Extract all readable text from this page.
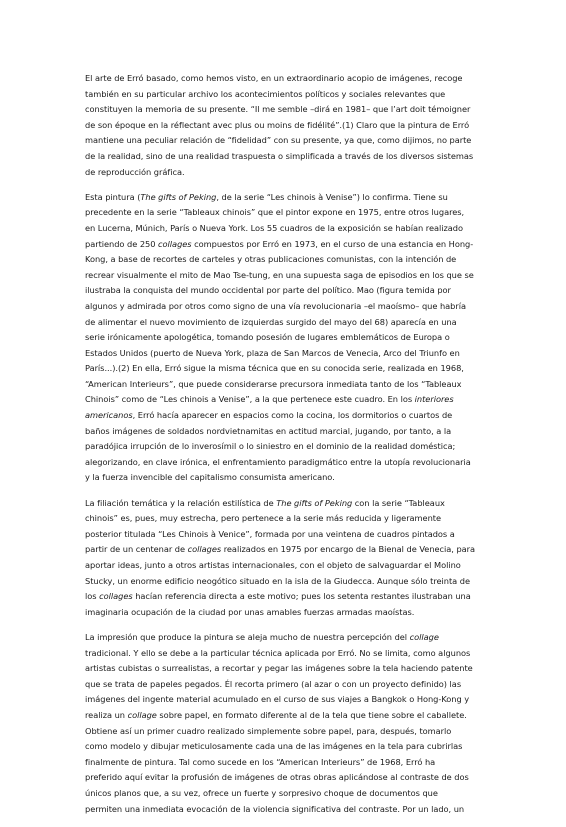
El arte de Erró basado, como hemos visto, en un extraordinario acopio de imágenes, recoge
también en su particular archivo los acontecimientos políticos y sociales relevantes que
constituyen la memoria de su presente. “Il me semble –dirá en 1981– que l’art doit témoigner
de son époque en la réflectant avec plus ou moins de fidélité”.(1) Claro que la pintura de Erró
mantiene una peculiar relación de “fidelidad” con su presente, ya que, como dijimos, no parte
de la realidad, sino de una realidad traspuesta o simplificada a través de los diversos sistemas
de reproducción gráfica.
Esta pintura (The gifts of Peking, de la serie “Les chinois à Venise”) lo confirma. Tiene su
precedente en la serie “Tableaux chinois” que el pintor expone en 1975, entre otros lugares,
en Lucerna, Múnich, París o Nueva York. Los 55 cuadros de la exposición se habían realizado
partiendo de 250 collages compuestos por Erró en 1973, en el curso de una estancia en Hong-
Kong, a base de recortes de carteles y otras publicaciones comunistas, con la intención de
recrear visualmente el mito de Mao Tse-tung, en una supuesta saga de episodios en los que se
ilustraba la conquista del mundo occidental por parte del político. Mao (figura temida por
algunos y admirada por otros como signo de una vía revolucionaria –el maoísmo– que habría
de alimentar el nuevo movimiento de izquierdas surgido del mayo del 68) aparecía en una
serie irónicamente apologética, tomando posesión de lugares emblemáticos de Europa o
Estados Unidos (puerto de Nueva York, plaza de San Marcos de Venecia, Arco del Triunfo en
París...).(2) En ella, Erró sigue la misma técnica que en su conocida serie, realizada en 1968,
“American Interieurs”, que puede considerarse precursora inmediata tanto de los “Tableaux
Chinois” como de “Les chinois a Venise”, a la que pertenece este cuadro. En los interiores
americanos, Erró hacía aparecer en espacios como la cocina, los dormitorios o cuartos de
baños imágenes de soldados nordvietnamitas en actitud marcial, jugando, por tanto, a la
paradójica irrupción de lo inverosímil o lo siniestro en el dominio de la realidad doméstica;
alegorizando, en clave irónica, el enfrentamiento paradigmático entre la utopía revolucionaria
y la fuerza invencible del capitalismo consumista americano.
La filiación temática y la relación estilística de The gifts of Peking con la serie “Tableaux
chinois” es, pues, muy estrecha, pero pertenece a la serie más reducida y ligeramente
posterior titulada “Les Chinois à Venice”, formada por una veintena de cuadros pintados a
partir de un centenar de collages realizados en 1975 por encargo de la Bienal de Venecia, para
aportar ideas, junto a otros artistas internacionales, con el objeto de salvaguardar el Molino
Stucky, un enorme edificio neogótico situado en la isla de la Giudecca. Aunque sólo treinta de
los collages hacían referencia directa a este motivo; pues los setenta restantes ilustraban una
imaginaria ocupación de la ciudad por unas amables fuerzas armadas maoístas.
La impresión que produce la pintura se aleja mucho de nuestra percepción del collage
tradicional. Y ello se debe a la particular técnica aplicada por Erró. No se limita, como algunos
artistas cubistas o surrealistas, a recortar y pegar las imágenes sobre la tela haciendo patente
que se trata de papeles pegados. Él recorta primero (al azar o con un proyecto definido) las
imágenes del ingente material acumulado en el curso de sus viajes a Bangkok o Hong-Kong y
realiza un collage sobre papel, en formato diferente al de la tela que tiene sobre el caballete.
Obtiene así un primer cuadro realizado simplemente sobre papel, para, después, tomarlo
como modelo y dibujar meticulosamente cada una de las imágenes en la tela para cubrirlas
finalmente de pintura. Tal como sucede en los “American Interieurs” de 1968, Erró ha
preferido aquí evitar la profusión de imágenes de otras obras aplicándose al contraste de dos
únicos planos que, a su vez, ofrece un fuerte y sorpresivo choque de documentos que
permiten una inmediata evocación de la violencia significativa del contraste. Por un lado, un
